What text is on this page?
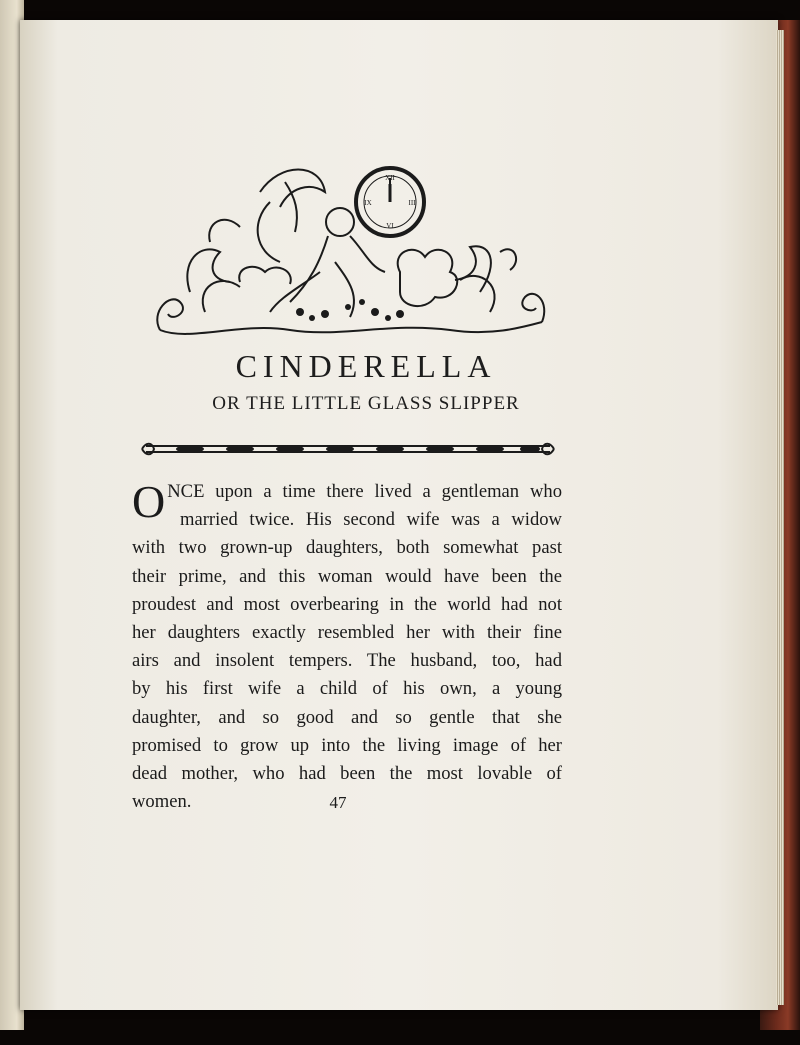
XII
III
VI
IX
CINDERELLA
OR THE LITTLE GLASS SLIPPER
O NCE upon a time there lived a gentleman who
married twice. His second wife was a widow
with two grown-up daughters, both somewhat past
their prime, and this woman would have been the
proudest and most overbearing in the world had not
her daughters exactly resembled her with their fine
airs and insolent tempers. The husband, too, had
by his first wife a child of his own, a young
daughter, and so good and so gentle that she
promised to grow up into the living image of her
dead mother, who had been the most lovable of
women.	47
